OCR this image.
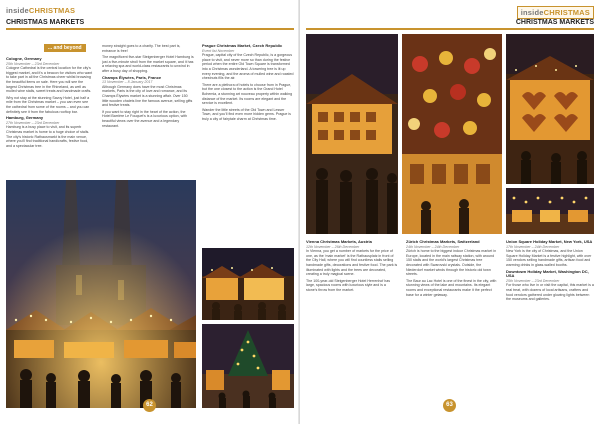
insideCHRISTMAS
CHRISTMAS MARKETS
... and beyond
Cologne, Germany
25th November – 23rd December

Cologne Cathedral is the central location for the city's biggest market, and it's a beacon for visitors who want to take part in all the Christmas cheer whilst browsing the beautiful items on sale. Here you will see the largest Christmas tree in the Rhineland, as well as mulled wine stalls, sweet treats and handmade crafts.

Why not stay at the stunning Savoy Hotel, just half a mile from the Christmas market – you can even see the cathedral from some of the rooms – and you can definitely see it from the fabulous rooftop bar.

Hamburg, Germany
27th November – 23rd December

Hamburg is a busy place to visit, and its superb Christmas market is home to a huge choice of stalls. The city's historic Rathausmarkt is the main venue, where you'll find traditional handicrafts, festive food, and a spectacular tree.

money straight goes to a charity. The best part is, entrance is free!

The magnificent five-star Steigenberger Hotel Hamburg is just a five-minute stroll from the market square, and it has a relaxing spa and world-class restaurants to unwind in after a busy day of shopping.

Champs Élysées, Paris, France
13 November – 8 January 2017

Although Germany does have the most Christmas markets, Paris is the city of love and romance, and its Champs Élysées market is a stunning affair. Over 150 little wooden chalets line the famous avenue, selling gifts and festive treats.

If you want to stay right in the heart of the action, the Hotel Barrière Le Fouquet's is a luxurious option, with beautiful views over the avenue and a legendary restaurant.

Prague Christmas Market, Czech Republic
Event list November

Prague, capital city of the Czech Republic, is a gorgeous place to visit, and never more so than during the festive period when the entire Old Town Square is transformed into a Christmas wonderland. A towering tree is lit up every evening, and the aroma of mulled wine and roasted chestnuts fills the air.

There are a plethora of hotels to choose from in Prague, but the one closest to the action is the Grand Hotel Bohemia, a stunning art nouveau property within walking distance of the market. Its rooms are elegant and the service is excellent.

Wander the little streets of the Old Town and Lesser Town, and you'll find even more hidden gems. Prague is truly a city of fairytale charm at Christmas time.

62
insideCHRISTMAS
CHRISTMAS MARKETS
Vienna Christmas Markets, Austria
12th November – 26th December

In Vienna, you get a number of markets for the price of one, as the 'main market' is the Rathausplatz in front of the City Hall, where you will find countless stalls selling handmade gifts, decorations and festive food. The park is illuminated with lights and the trees are decorated, creating a truly magical scene.

The 100-year-old Steigenberger Hotel Herrenhof has large, spacious rooms with luxurious style and is a stone's throw from the market.

Zürich Christmas Markets, Switzerland
24th November – 24th December

Zürich is home to the biggest indoor Christmas market in Europe, located in the main railway station, with around 150 stalls and the world's largest Christmas tree decorated with Swarovski crystals. Outside, the Niederdorf market winds through the historic old town streets.

The Baur au Lac Hotel is one of the finest in the city, with stunning views of the lake and mountains. Its elegant rooms and exceptional restaurants make it the perfect base for a winter getaway.

Union Square Holiday Market, New York, USA
17th November – 24th December

New York is the city of Christmas, and the Union Square Holiday Market is a festive highlight, with over 150 vendors selling handmade gifts, artisan food and warming drinks in glass-walled booths.

Downtown Holiday Market, Washington DC, USA
25th November – 23rd December

For those who live in or visit the capital, this market is a real treat, with dozens of local artisans, crafters and food vendors gathered under glowing lights between the museums and galleries.

63
